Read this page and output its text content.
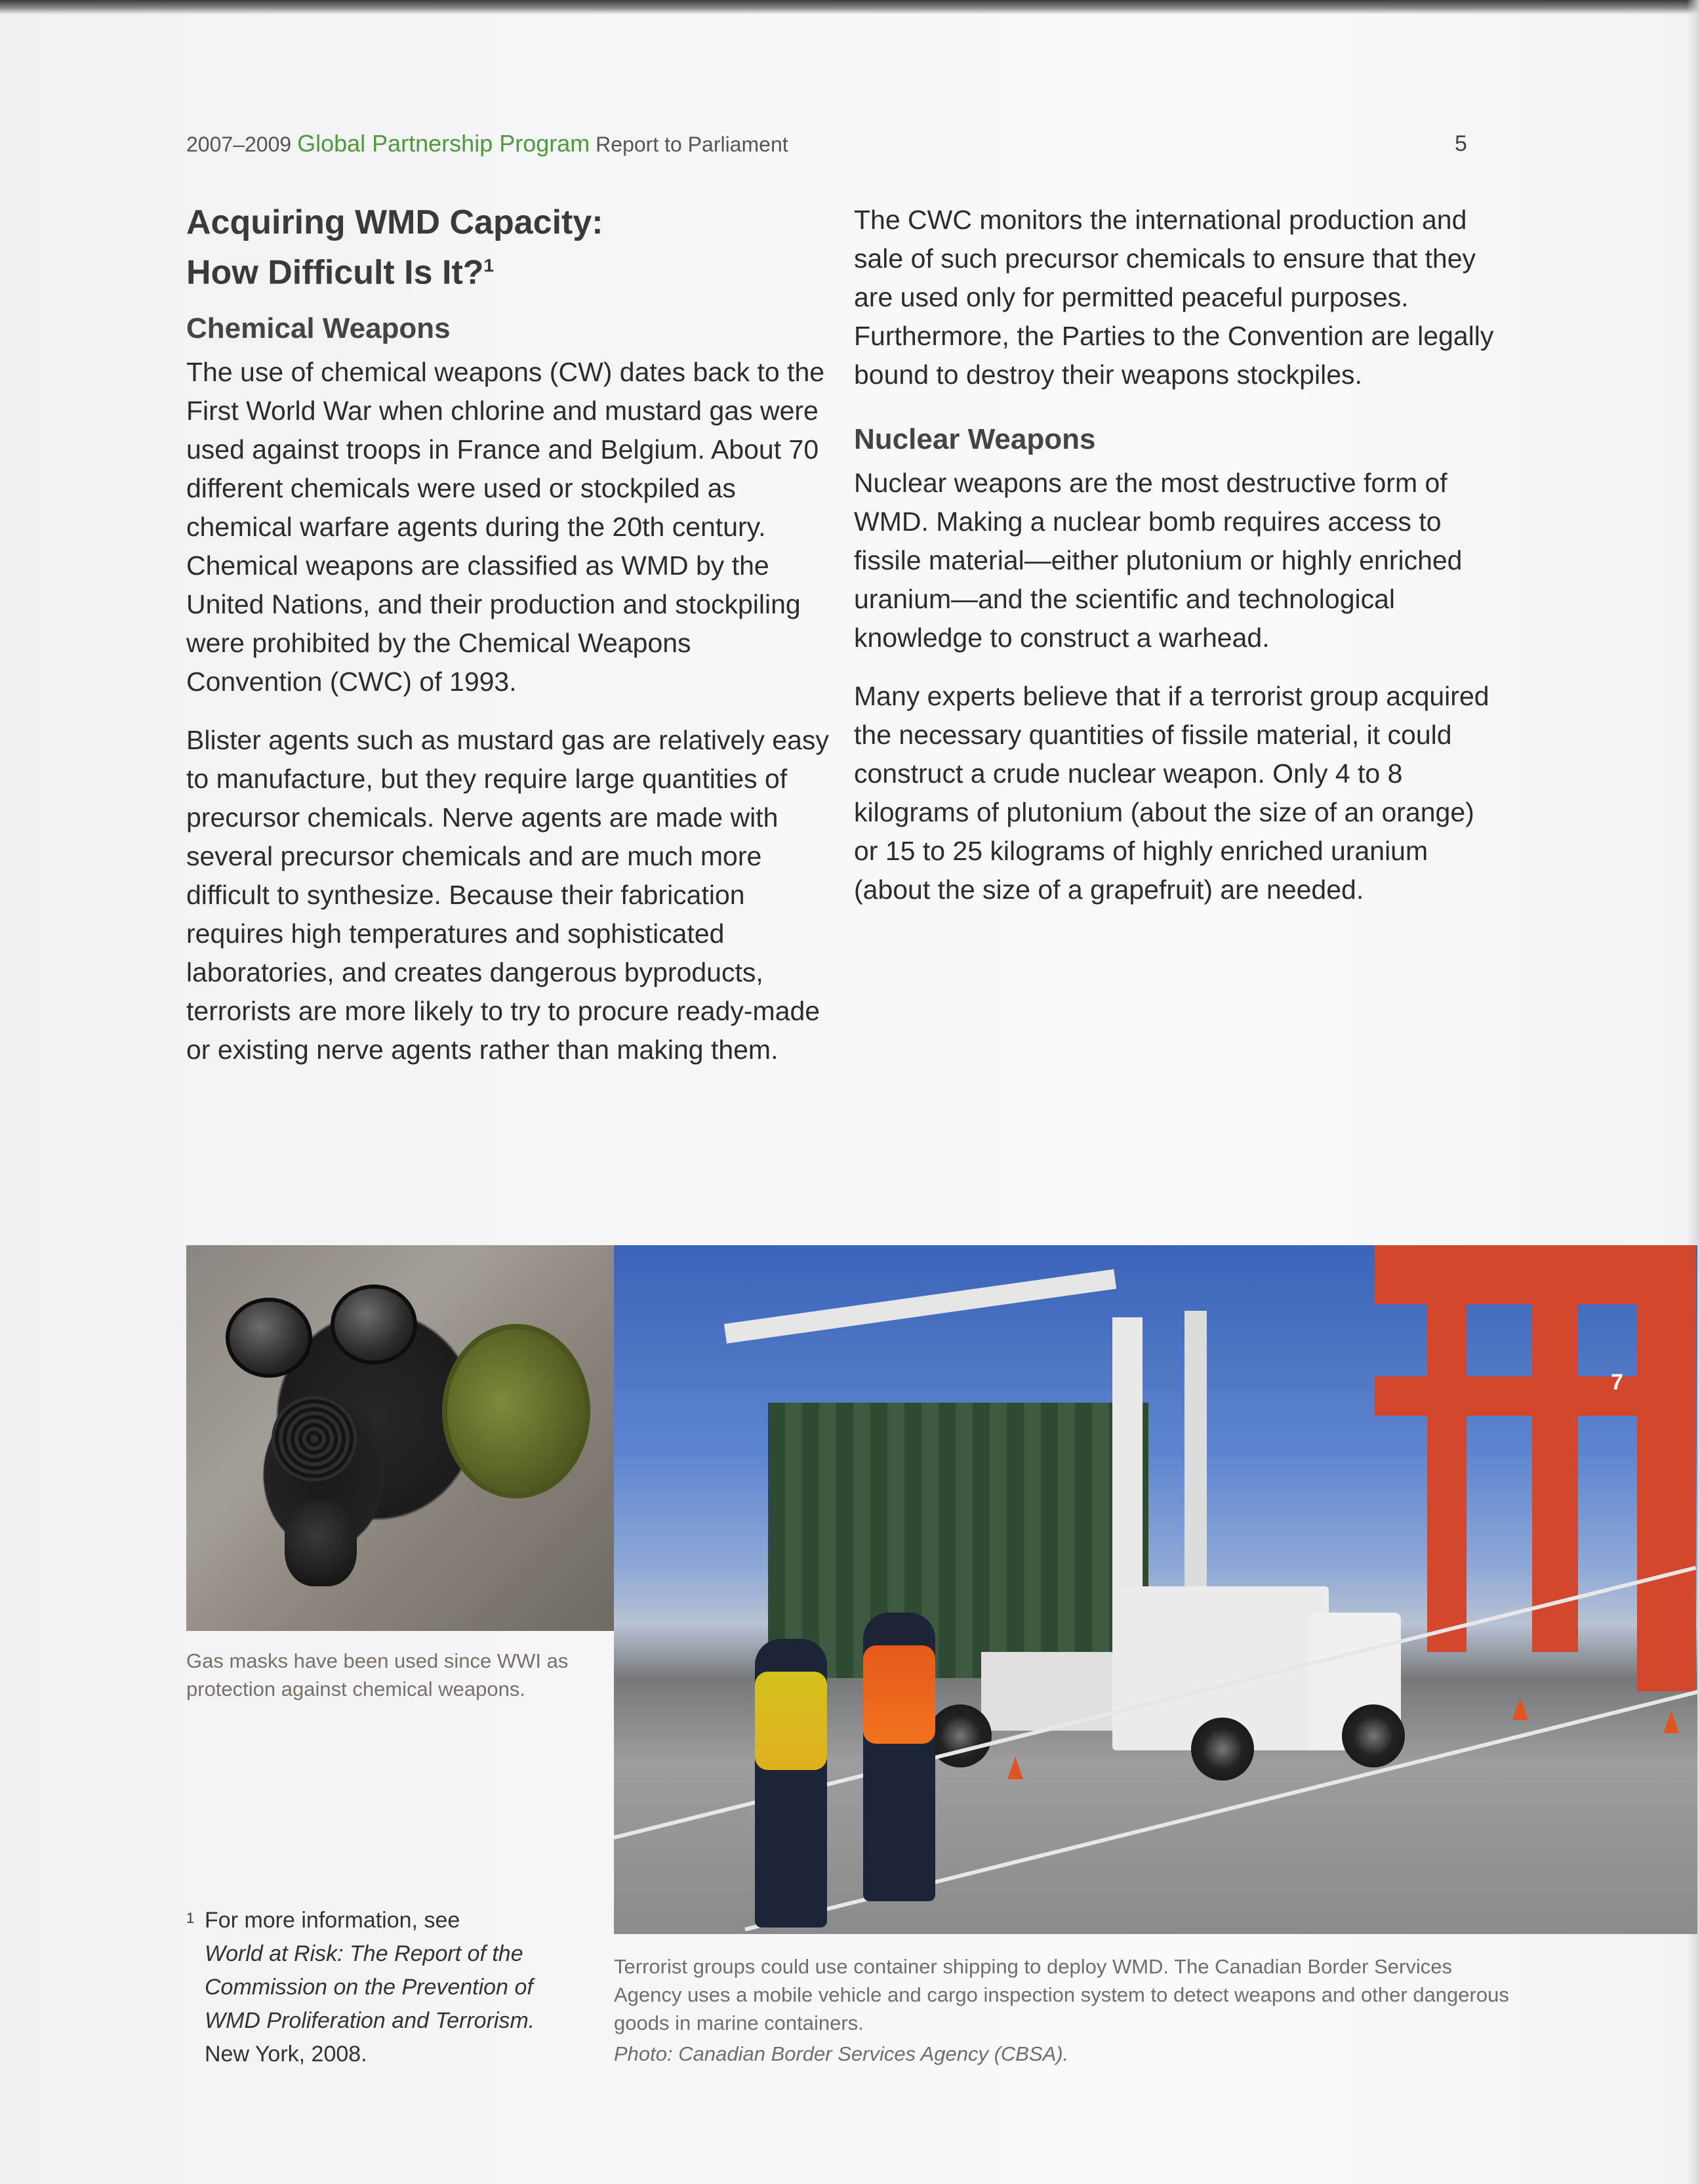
2007–2009 Global Partnership Program Report to Parliament	5
Acquiring WMD Capacity:
How Difficult Is It?$^1$
Chemical Weapons

The use of chemical weapons (CW) dates back to the First World War when chlorine and mustard gas were used against troops in France and Belgium. About 70 different chemicals were used or stockpiled as chemical warfare agents during the 20th century. Chemical weapons are classified as WMD by the United Nations, and their production and stockpiling were prohibited by the Chemical Weapons Convention (CWC) of 1993.

Blister agents such as mustard gas are relatively easy to manufacture, but they require large quantities of precursor chemicals. Nerve agents are made with several precursor chemicals and are much more difficult to synthesize. Because their fabrication requires high temperatures and sophisticated laboratories, and creates dangerous byproducts, terrorists are more likely to try to procure ready-made or existing nerve agents rather than making them.

The CWC monitors the international production and sale of such precursor chemicals to ensure that they are used only for permitted peaceful purposes. Furthermore, the Parties to the Convention are legally bound to destroy their weapons stockpiles.

Nuclear Weapons

Nuclear weapons are the most destructive form of WMD. Making a nuclear bomb requires access to fissile material—either plutonium or highly enriched uranium—and the scientific and technological knowledge to construct a warhead.

Many experts believe that if a terrorist group acquired the necessary quantities of fissile material, it could construct a crude nuclear weapon. Only 4 to 8 kilograms of plutonium (about the size of an orange) or 15 to 25 kilograms of highly enriched uranium (about the size of a grapefruit) are needed.

7
Gas masks have been used since WWI as protection against chemical weapons.
Terrorist groups could use container shipping to deploy WMD. The Canadian Border Services Agency uses a mobile vehicle and cargo inspection system to detect weapons and other dangerous goods in marine containers.
Photo: Canadian Border Services Agency (CBSA).
1 For more information, see
World at Risk: The Report of the Commission on the Prevention of WMD Proliferation and Terrorism.
New York, 2008.
